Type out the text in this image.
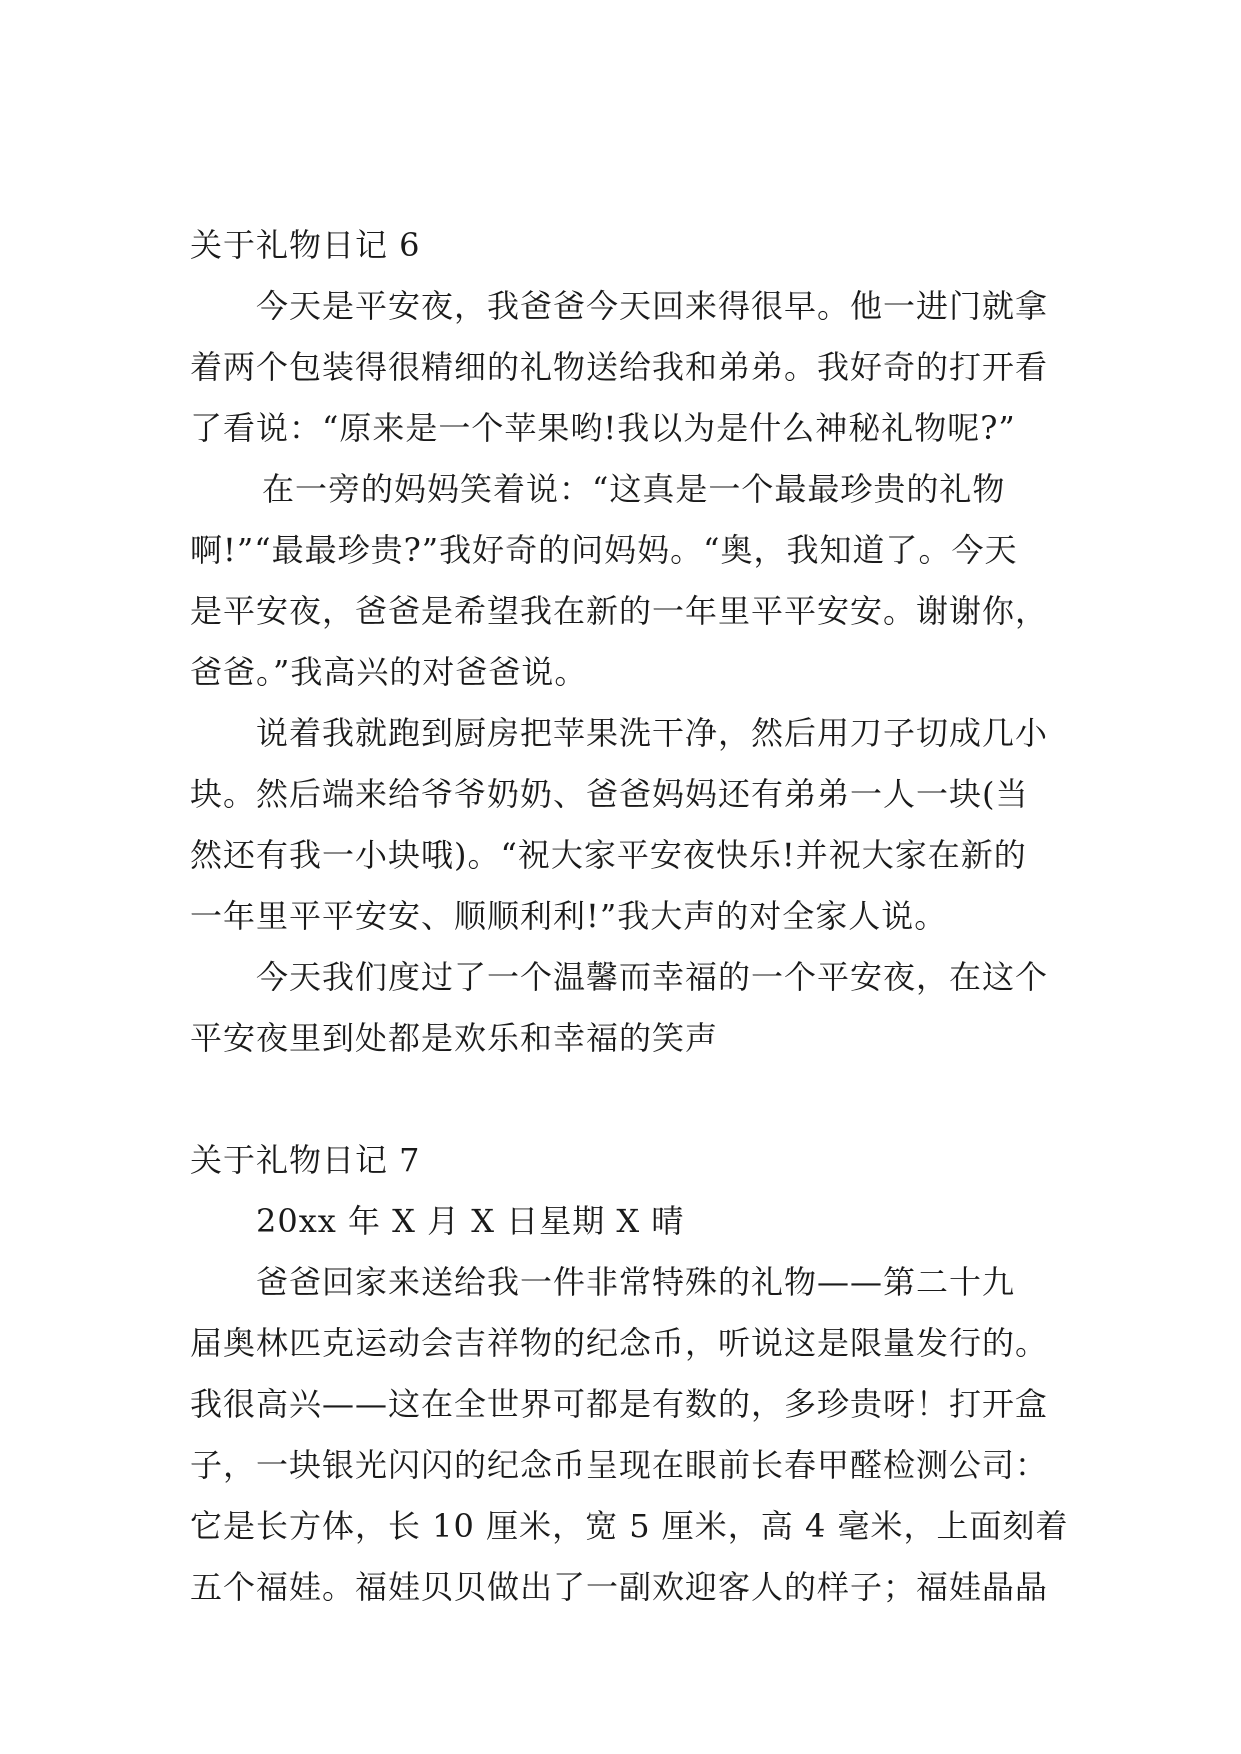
关于礼物日记 6
今天是平安夜，我爸爸今天回来得很早。他一进门就拿
着两个包装得很精细的礼物送给我和弟弟。我好奇的打开看
了看说：“原来是一个苹果哟!我以为是什么神秘礼物呢?”
在一旁的妈妈笑着说：“这真是一个最最珍贵的礼物
啊!”“最最珍贵?”我好奇的问妈妈。“奥，我知道了。今天
是平安夜，爸爸是希望我在新的一年里平平安安。谢谢你，
爸爸。”我高兴的对爸爸说。
说着我就跑到厨房把苹果洗干净，然后用刀子切成几小
块。然后端来给爷爷奶奶、爸爸妈妈还有弟弟一人一块(当
然还有我一小块哦)。“祝大家平安夜快乐!并祝大家在新的
一年里平平安安、顺顺利利!”我大声的对全家人说。
今天我们度过了一个温馨而幸福的一个平安夜，在这个
平安夜里到处都是欢乐和幸福的笑声
关于礼物日记 7
20xx 年 X 月 X 日星期 X 晴
爸爸回家来送给我一件非常特殊的礼物——第二十九
届奥林匹克运动会吉祥物的纪念币，听说这是限量发行的。
我很高兴——这在全世界可都是有数的，多珍贵呀！打开盒
子，一块银光闪闪的纪念币呈现在眼前长春甲醛检测公司：
它是长方体，长 10 厘米，宽 5 厘米，高 4 毫米，上面刻着
五个福娃。福娃贝贝做出了一副欢迎客人的样子；福娃晶晶
